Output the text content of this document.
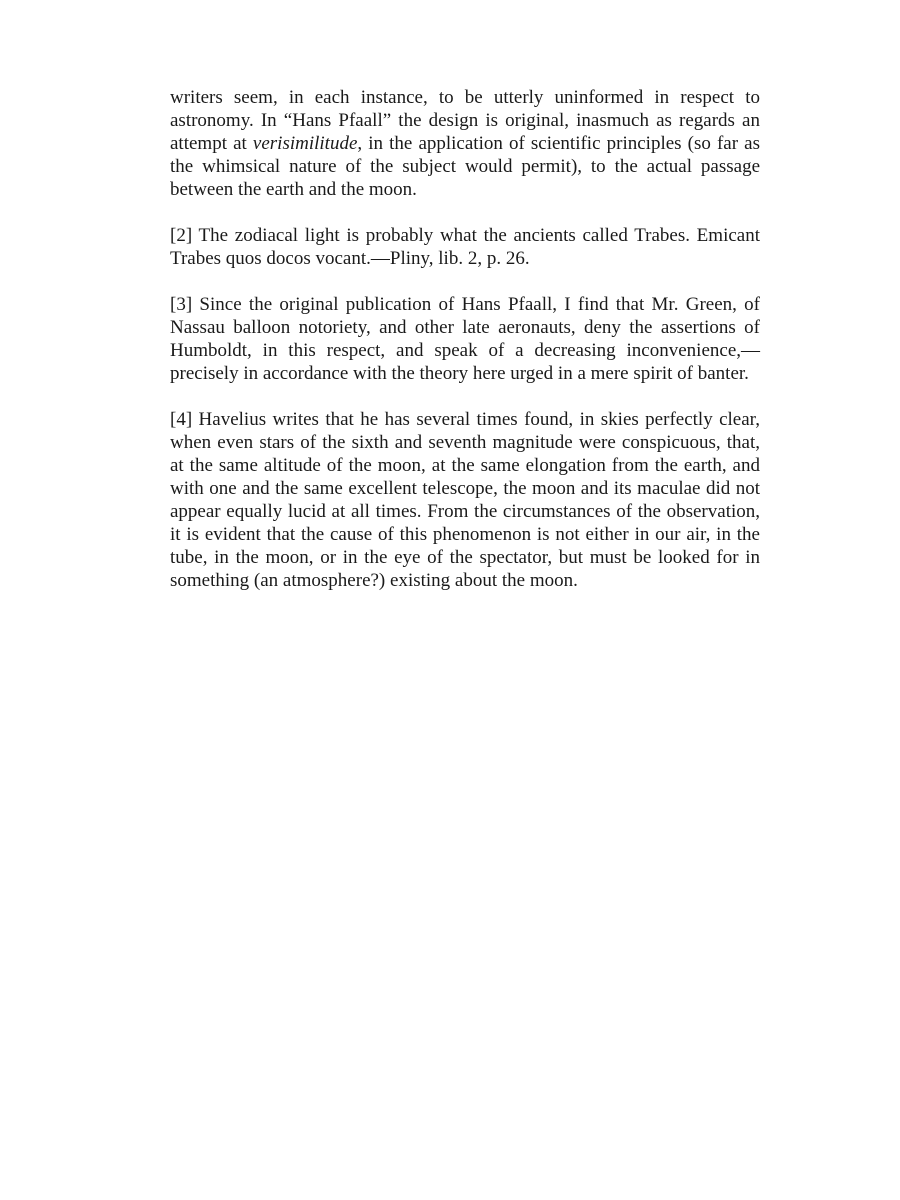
writers seem, in each instance, to be utterly uninformed in respect to astronomy. In “Hans Pfaall” the design is original, inasmuch as regards an attempt at verisimilitude, in the application of scientific principles (so far as the whimsical nature of the subject would permit), to the actual passage between the earth and the moon.

[2] The zodiacal light is probably what the ancients called Trabes. Emicant Trabes quos docos vocant.—Pliny, lib. 2, p. 26.

[3] Since the original publication of Hans Pfaall, I find that Mr. Green, of Nassau balloon notoriety, and other late aeronauts, deny the assertions of Humboldt, in this respect, and speak of a decreasing inconvenience,—precisely in accordance with the theory here urged in a mere spirit of banter.

[4] Havelius writes that he has several times found, in skies perfectly clear, when even stars of the sixth and seventh magnitude were conspicuous, that, at the same altitude of the moon, at the same elongation from the earth, and with one and the same excellent telescope, the moon and its maculae did not appear equally lucid at all times. From the circumstances of the observation, it is evident that the cause of this phenomenon is not either in our air, in the tube, in the moon, or in the eye of the spectator, but must be looked for in something (an atmosphere?) existing about the moon.
